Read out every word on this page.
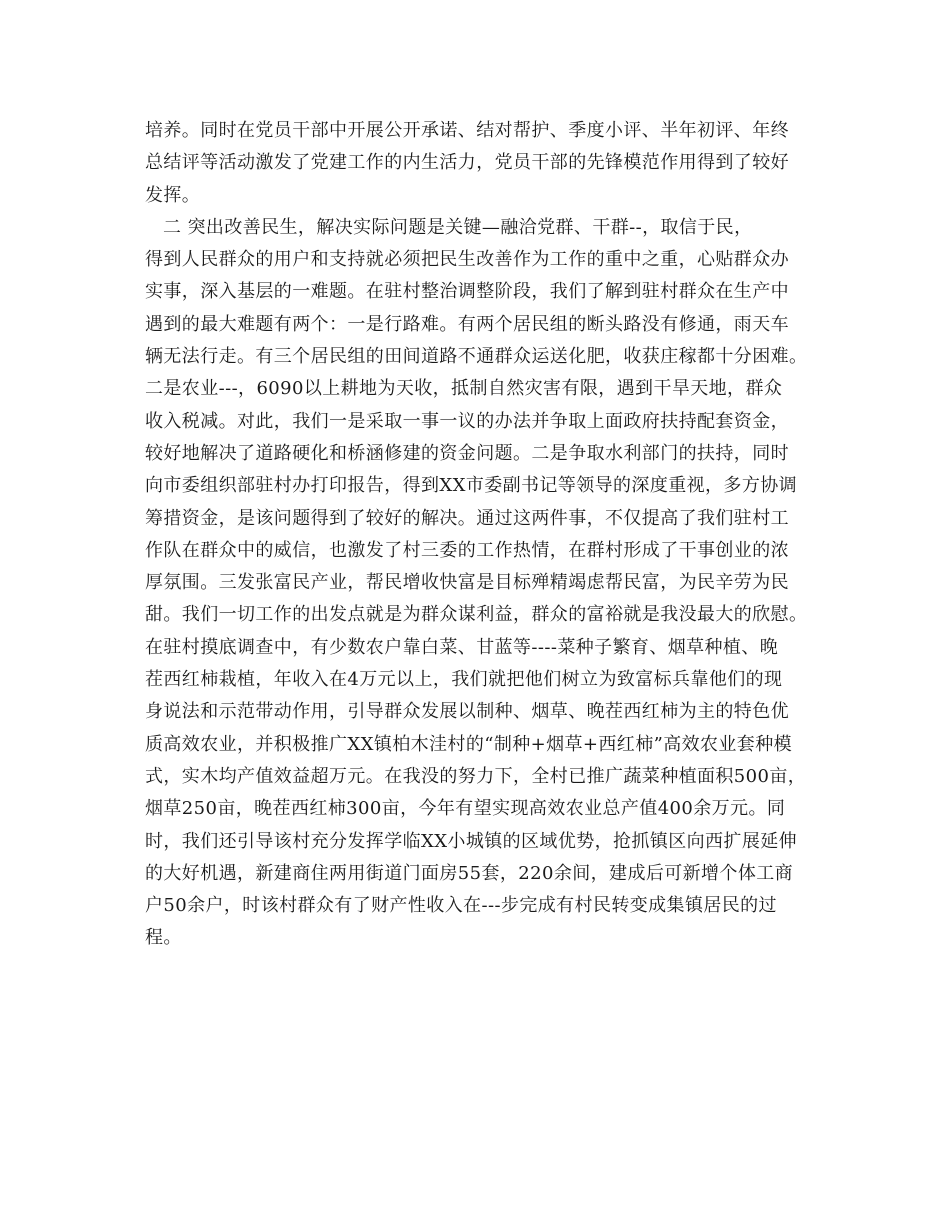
培养。同时在党员干部中开展公开承诺、结对帮护、季度小评、半年初评、年终
总结评等活动激发了党建工作的内生活力，党员干部的先锋模范作用得到了较好
发挥。
二 突出改善民生，解决实际问题是关键—融洽党群、干群--，取信于民，
得到人民群众的用户和支持就必须把民生改善作为工作的重中之重，心贴群众办
实事，深入基层的一难题。在驻村整治调整阶段，我们了解到驻村群众在生产中
遇到的最大难题有两个：一是行路难。有两个居民组的断头路没有修通，雨天车
辆无法行走。有三个居民组的田间道路不通群众运送化肥，收获庄稼都十分困难。
二是农业---，6090以上耕地为天收，抵制自然灾害有限，遇到干旱天地，群众
收入税减。对此，我们一是采取一事一议的办法并争取上面政府扶持配套资金，
较好地解决了道路硬化和桥涵修建的资金问题。二是争取水利部门的扶持，同时
向市委组织部驻村办打印报告，得到XX市委副书记等领导的深度重视，多方协调
筹措资金，是该问题得到了较好的解决。通过这两件事，不仅提高了我们驻村工
作队在群众中的威信，也激发了村三委的工作热情，在群村形成了干事创业的浓
厚氛围。三发张富民产业，帮民增收快富是目标殚精竭虑帮民富，为民辛劳为民
甜。我们一切工作的出发点就是为群众谋利益，群众的富裕就是我没最大的欣慰。
在驻村摸底调查中，有少数农户靠白菜、甘蓝等----菜种子繁育、烟草种植、晚
茬西红柿栽植，年收入在4万元以上，我们就把他们树立为致富标兵靠他们的现
身说法和示范带动作用，引导群众发展以制种、烟草、晚茬西红柿为主的特色优
质高效农业，并积极推广XX镇柏木洼村的“制种+烟草+西红柿”高效农业套种模
式，实木均产值效益超万元。在我没的努力下，全村已推广蔬菜种植面积500亩，
烟草250亩，晚茬西红柿300亩，今年有望实现高效农业总产值400余万元。同
时，我们还引导该村充分发挥学临XX小城镇的区域优势，抢抓镇区向西扩展延伸
的大好机遇，新建商住两用街道门面房55套，220余间，建成后可新增个体工商
户50余户，时该村群众有了财产性收入在---步完成有村民转变成集镇居民的过
程。
